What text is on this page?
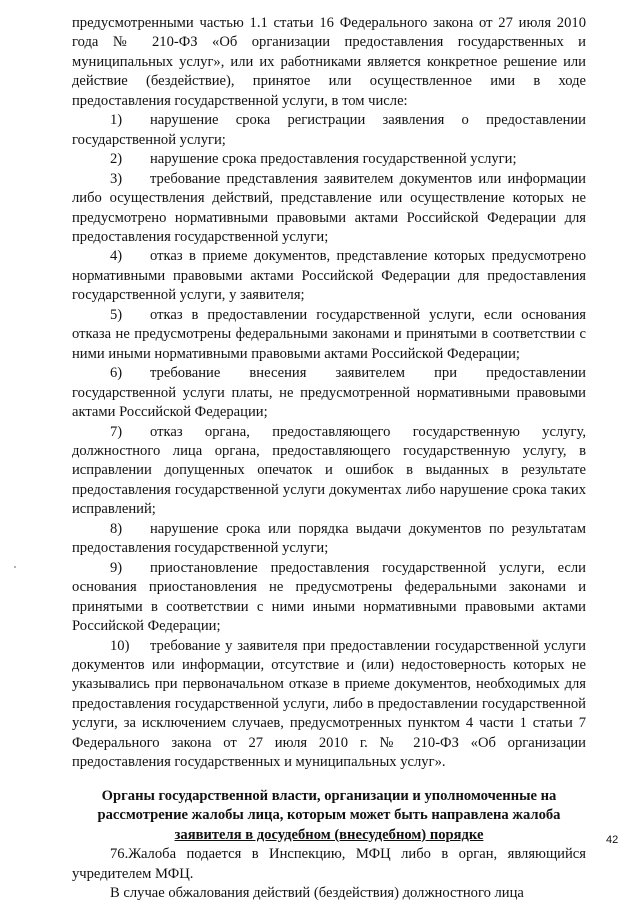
предусмотренными частью 1.1 статьи 16 Федерального закона от 27 июля 2010 года № 210-ФЗ «Об организации предоставления государственных и муниципальных услуг», или их работниками является конкретное решение или действие (бездействие), принятое или осуществленное ими в ходе предоставления государственной услуги, в том числе:

1) нарушение срока регистрации заявления о предоставлении государственной услуги;

2) нарушение срока предоставления государственной услуги;

3) требование представления заявителем документов или информации либо осуществления действий, представление или осуществление которых не предусмотрено нормативными правовыми актами Российской Федерации для предоставления государственной услуги;

4) отказ в приеме документов, представление которых предусмотрено нормативными правовыми актами Российской Федерации для предоставления государственной услуги, у заявителя;

5) отказ в предоставлении государственной услуги, если основания отказа не предусмотрены федеральными законами и принятыми в соответствии с ними иными нормативными правовыми актами Российской Федерации;

6) требование внесения заявителем при предоставлении государственной услуги платы, не предусмотренной нормативными правовыми актами Российской Федерации;

7) отказ органа, предоставляющего государственную услугу, должностного лица органа, предоставляющего государственную услугу, в исправлении допущенных опечаток и ошибок в выданных в результате предоставления государственной услуги документах либо нарушение срока таких исправлений;

8) нарушение срока или порядка выдачи документов по результатам предоставления государственной услуги;

9) приостановление предоставления государственной услуги, если основания приостановления не предусмотрены федеральными законами и принятыми в соответствии с ними иными нормативными правовыми актами Российской Федерации;

10) требование у заявителя при предоставлении государственной услуги документов или информации, отсутствие и (или) недостоверность которых не указывались при первоначальном отказе в приеме документов, необходимых для предоставления государственной услуги, либо в предоставлении государственной услуги, за исключением случаев, предусмотренных пунктом 4 части 1 статьи 7 Федерального закона от 27 июля 2010 г. № 210-ФЗ «Об организации предоставления государственных и муниципальных услуг».

Органы государственной власти, организации и уполномоченные на рассмотрение жалобы лица, которым может быть направлена жалоба
заявителя в досудебном (внесудебном) порядке

76.Жалоба подается в Инспекцию, МФЦ либо в орган, являющийся учредителем МФЦ.

В случае обжалования действий (бездействия) должностного лица

42
